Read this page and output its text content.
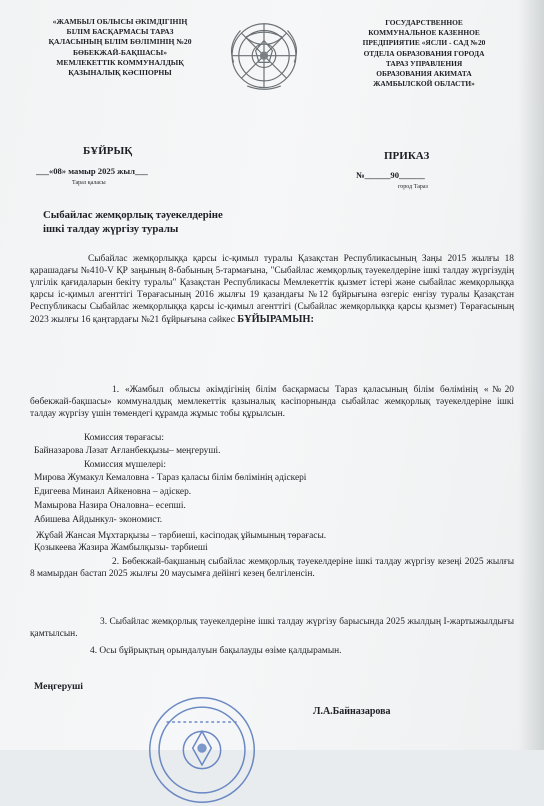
«ЖАМБЫЛ ОБЛЫСЫ ӘКІМДІГІНІҢ
БІЛІМ БАСҚАРМАСЫ ТАРАЗ
ҚАЛАСЫНЫҢ БІЛІМ БӨЛІМІНІҢ №20
БӨБЕКЖАЙ-БАҚШАСЫ»
МЕМЛЕКЕТТІК КОММУНАЛДЫҚ
ҚАЗЫНАЛЫҚ КӘСІПОРНЫ
ГОСУДАРСТВЕННОЕ
КОММУНАЛЬНОЕ КАЗЕННОЕ
ПРЕДПРИЯТИЕ «ЯСЛИ - САД №20
ОТДЕЛА ОБРАЗОВАНИЯ ГОРОДА
ТАРАЗ УПРАВЛЕНИЯ
ОБРАЗОВАНИЯ АКИМАТА
ЖАМБЫЛСКОЙ ОБЛАСТИ»
БҰЙРЫҚ	ПРИКАЗ
___«08» мамыр 2025 жыл___
Тараз қаласы
№______90______
город Тараз
Сыбайлас жемқорлық тәуекелдеріне
ішкі талдау жүргізу туралы
Сыбайлас жемқорлыққа қарсы іс-қимыл туралы Қазақстан Республикасының Заңы 2015 жылғы 18 қарашадағы №410-V ҚР заңының 8-бабының 5-тармағына, "Сыбайлас жемқорлық тәуекелдеріне ішкі талдау жүргізудің үлгілік қағидаларын бекіту туралы" Қазақстан Республикасы Мемлекеттік қызмет істері және сыбайлас жемқорлыққа қарсы іс-қимыл агенттігі Төрағасының 2016 жылғы 19 қазандағы №12 бұйрығына өзгеріс енгізу туралы Қазақстан Республикасы Сыбайлас жемқорлыққа қарсы іс-қимыл агенттігі (Сыбайлас жемқорлыққа қарсы қызмет) Төрағасының 2023 жылғы 16 қаңтардағы №21 бұйрығына сәйкес БҰЙЫРАМЫН:
1. «Жамбыл облысы әкімдігінің білім басқармасы Тараз қаласының білім бөлімінің «№20 бөбекжай-бақшасы» коммуналдық мемлекеттік қазыналық кәсіпорнында сыбайлас жемқорлық тәуекелдеріне ішкі талдау жүргізу үшін төмендегі құрамда жұмыс тобы құрылсын.
Комиссия төрағасы:
Байназарова Ләзат Ағланбекқызы– меңгеруші.
Комиссия мүшелері:
Мирова Жумакул Кемаловна - Тараз қаласы білім бөлімінің әдіскері
Едигеева Минаил Айкеновна – әдіскер.
Мамырова Назира Оналовна– есепші.
Абишева Айдынкул- экономист.
Жұбай Жансая Мұхтарқызы – тәрбиеші, кәсіподақ ұйымының төрағасы.
Қозыкеева Жазира Жамбылқызы- тәрбиеші
2. Бөбекжай-бақшаның сыбайлас жемқорлық тәуекелдеріне ішкі талдау жүргізу кезеңі 2025 жылғы 8 мамырдан бастап 2025 жылғы 20 маусымға дейінгі кезең белгіленсін.
3. Сыбайлас жемқорлық тәуекелдеріне ішкі талдау жүргізу барысында 2025 жылдың І-жартыжылдығы қамтылсын.
4. Осы бұйрықтың орындалуын бақылауды өзіме қалдырамын.
Меңгеруші
Л.А.Байназарова
